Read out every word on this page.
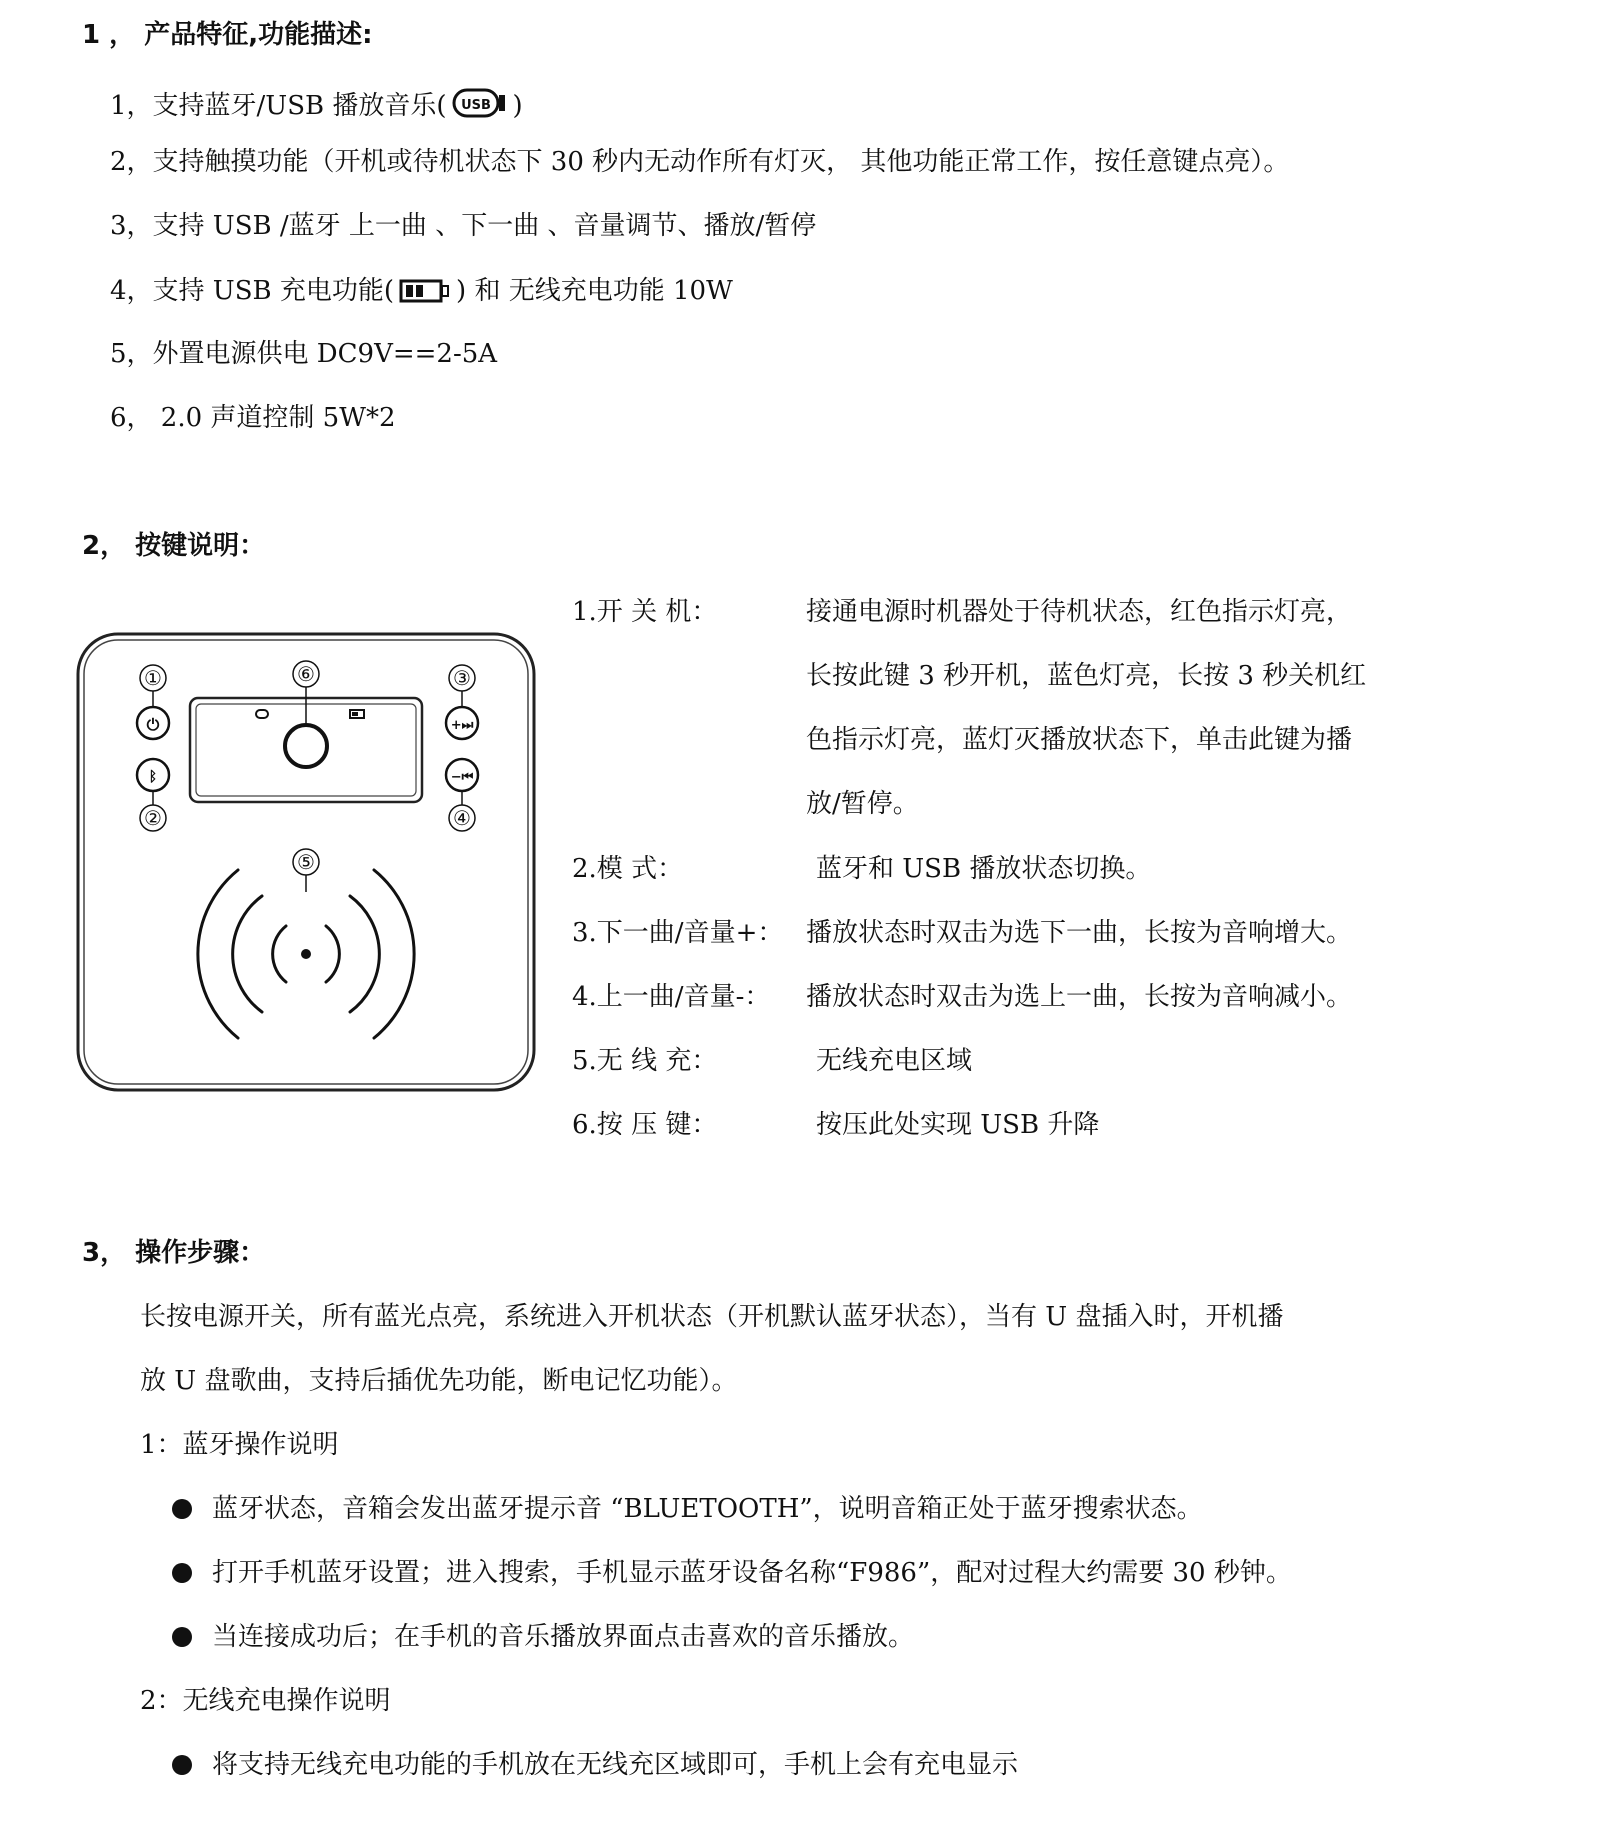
1 ， 产品特征,功能描述:
1，支持蓝牙/USB 播放音乐( USB )
2，支持触摸功能（开机或待机状态下 30 秒内无动作所有灯灭， 其他功能正常工作，按任意键点亮）。
3，支持 USB /蓝牙 上一曲 、下一曲 、音量调节、播放/暂停
4，支持 USB 充电功能( ) 和 无线充电功能 10W
5，外置电源供电 DC9V==2-5A
6， 2.0 声道控制 5W*2
2， 按键说明：
⑥
①
⏻
ᛒ
②
③
+⏭
−⏮
④
⑤
1.开 关 机：	接通电源时机器处于待机状态，红色指示灯亮，
长按此键 3 秒开机，蓝色灯亮，长按 3 秒关机红
色指示灯亮，蓝灯灭播放状态下，单击此键为播
放/暂停。
2.模 式：	蓝牙和 USB 播放状态切换。
3.下一曲/音量+： 播放状态时双击为选下一曲，长按为音响增大。
4.上一曲/音量-： 播放状态时双击为选上一曲，长按为音响减小。
5.无 线 充：	无线充电区域
6.按 压 键：	按压此处实现 USB 升降
3， 操作步骤：
长按电源开关，所有蓝光点亮，系统进入开机状态（开机默认蓝牙状态），当有 U 盘插入时，开机播
放 U 盘歌曲，支持后插优先功能，断电记忆功能）。
1：蓝牙操作说明
蓝牙状态，音箱会发出蓝牙提示音 “BLUETOOTH”，说明音箱正处于蓝牙搜索状态。
打开手机蓝牙设置；进入搜索，手机显示蓝牙设备名称“F986”，配对过程大约需要 30 秒钟。
当连接成功后；在手机的音乐播放界面点击喜欢的音乐播放。
2：无线充电操作说明
将支持无线充电功能的手机放在无线充区域即可，手机上会有充电显示
